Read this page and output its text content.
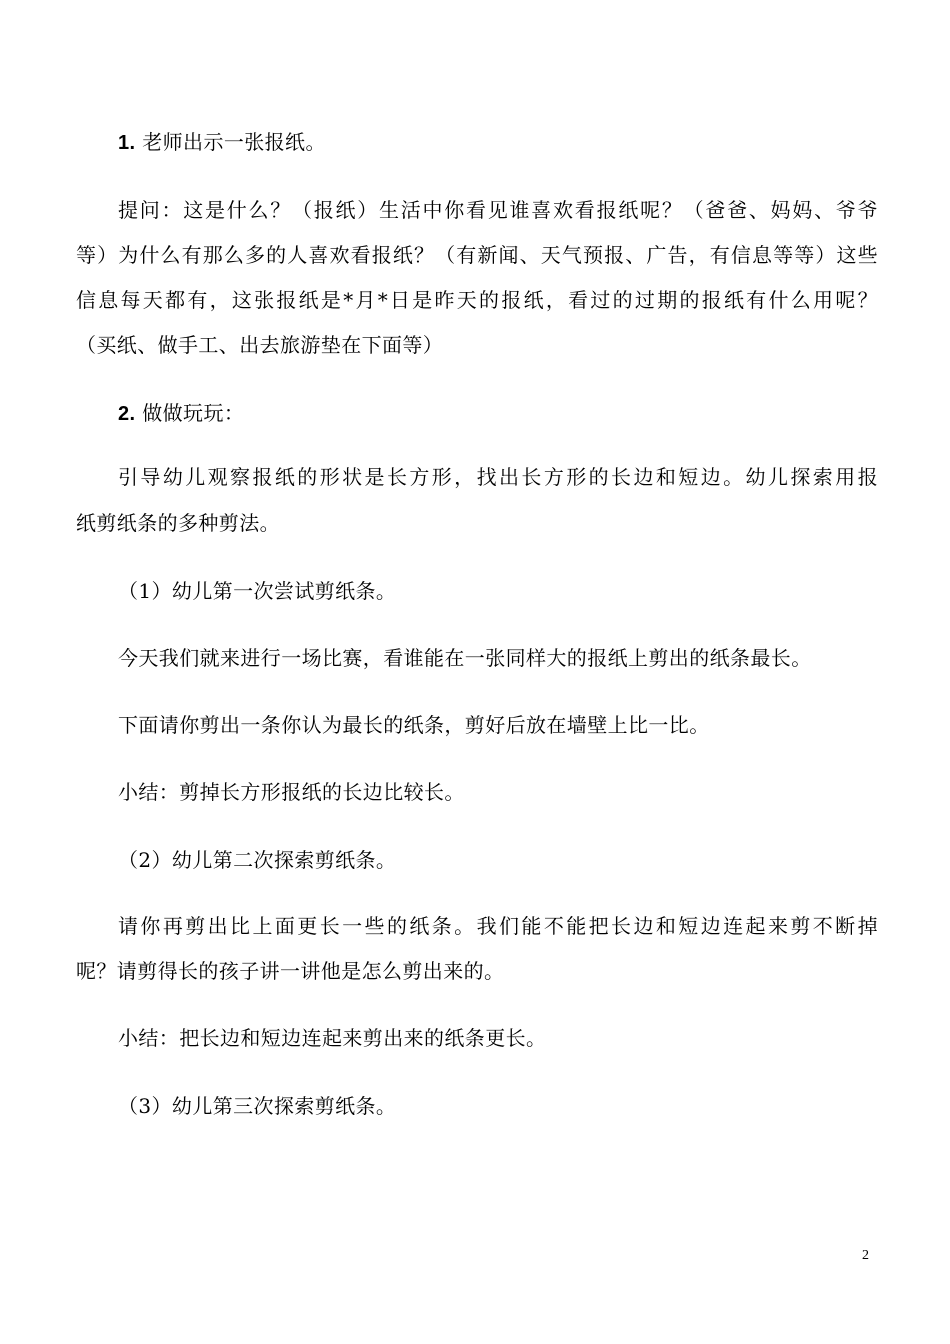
1. 老师出示一张报纸。
提问：这是什么？（报纸）生活中你看见谁喜欢看报纸呢？（爸爸、妈妈、爷爷
等）为什么有那么多的人喜欢看报纸？（有新闻、天气预报、广告，有信息等等）这些
信息每天都有，这张报纸是*月*日是昨天的报纸，看过的过期的报纸有什么用呢？
（买纸、做手工、出去旅游垫在下面等）
2. 做做玩玩：
引导幼儿观察报纸的形状是长方形，找出长方形的长边和短边。幼儿探索用报
纸剪纸条的多种剪法。
（1）幼儿第一次尝试剪纸条。
今天我们就来进行一场比赛，看谁能在一张同样大的报纸上剪出的纸条最长。
下面请你剪出一条你认为最长的纸条，剪好后放在墙壁上比一比。
小结：剪掉长方形报纸的长边比较长。
（2）幼儿第二次探索剪纸条。
请你再剪出比上面更长一些的纸条。我们能不能把长边和短边连起来剪不断掉
呢？请剪得长的孩子讲一讲他是怎么剪出来的。
小结：把长边和短边连起来剪出来的纸条更长。
（3）幼儿第三次探索剪纸条。
2
